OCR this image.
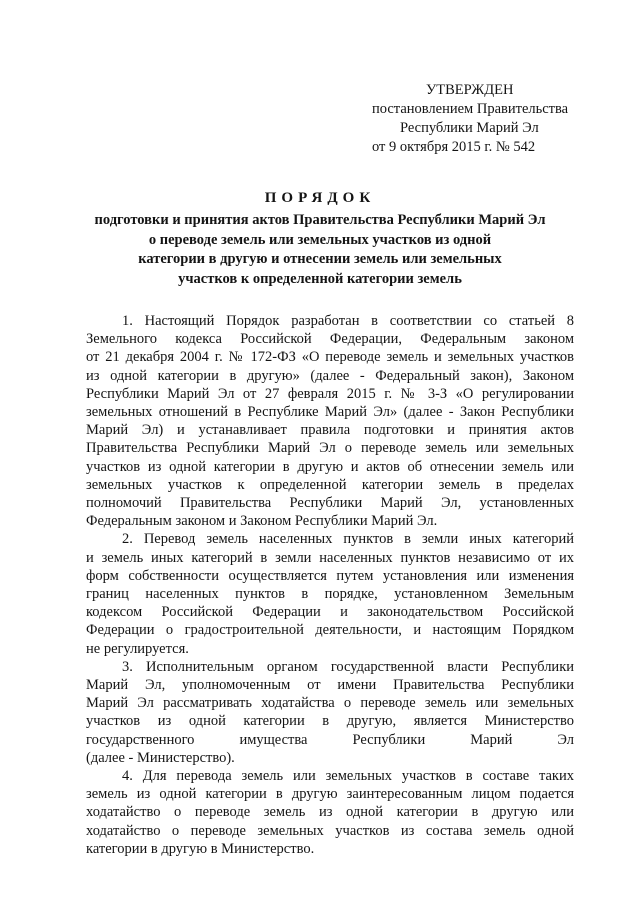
УТВЕРЖДЕН
постановлением Правительства
Республики Марий Эл
от 9 октября 2015 г. № 542
ПОРЯДОК
подготовки и принятия актов Правительства Республики Марий Эл
о переводе земель или земельных участков из одной
категории в другую и отнесении земель или земельных
участков к определенной категории земель

1. Настоящий Порядок разработан в соответствии со статьей 8
Земельного кодекса Российской Федерации, Федеральным законом
от 21 декабря 2004 г. № 172-ФЗ «О переводе земель и земельных участков
из одной категории в другую» (далее - Федеральный закон), Законом
Республики Марий Эл от 27 февраля 2015 г. № 3-З «О регулировании
земельных отношений в Республике Марий Эл» (далее - Закон Республики
Марий Эл) и устанавливает правила подготовки и принятия актов
Правительства Республики Марий Эл о переводе земель или земельных
участков из одной категории в другую и актов об отнесении земель или
земельных участков к определенной категории земель в пределах
полномочий Правительства Республики Марий Эл, установленных
Федеральным законом и Законом Республики Марий Эл.

2. Перевод земель населенных пунктов в земли иных категорий
и земель иных категорий в земли населенных пунктов независимо от их
форм собственности осуществляется путем установления или изменения
границ населенных пунктов в порядке, установленном Земельным
кодексом Российской Федерации и законодательством Российской
Федерации о градостроительной деятельности, и настоящим Порядком
не регулируется.

3. Исполнительным органом государственной власти Республики
Марий Эл, уполномоченным от имени Правительства Республики
Марий Эл рассматривать ходатайства о переводе земель или земельных
участков из одной категории в другую, является Министерство
государственного имущества Республики Марий Эл
(далее - Министерство).

4. Для перевода земель или земельных участков в составе таких
земель из одной категории в другую заинтересованным лицом подается
ходатайство о переводе земель из одной категории в другую или
ходатайство о переводе земельных участков из состава земель одной
категории в другую в Министерство.
